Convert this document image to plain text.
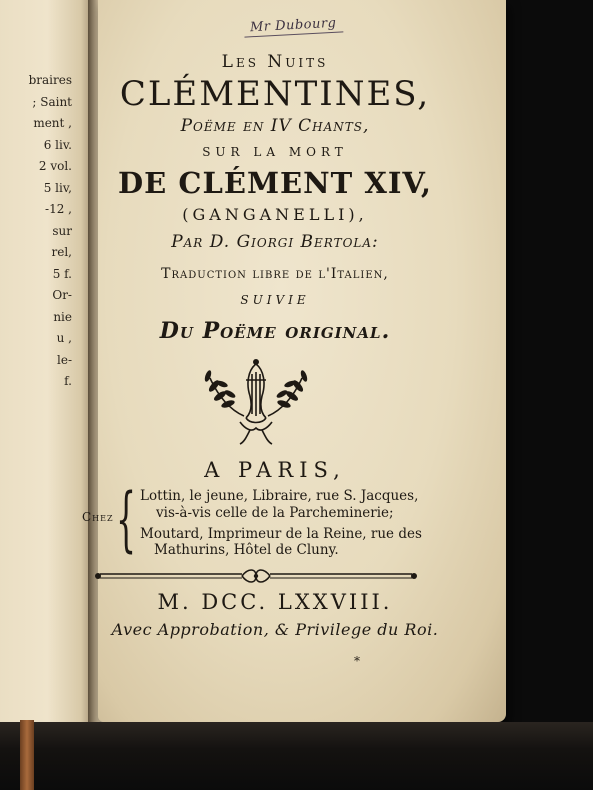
braires
; Saint
ment ,
6 liv.
2 vol.
5 liv,
-12 ,
sur
rel,
5 f.
Or-
nie
u ,
le-
f.
Mr Dubourg
Les Nuits
CLÉMENTINES,
Poëme en IV Chants,
SUR LA MORT
DE CLÉMENT XIV,
(GANGANELLI),
Par D. Giorgi Bertola:
Traduction libre de l'Italien,
SUIVIE
Du Poëme original.
A PARIS,
Chez { Lottin, le jeune, Libraire, rue S. Jacques,
vis-à-vis celle de la Parcheminerie;
Moutard, Imprimeur de la Reine, rue des
Mathurins, Hôtel de Cluny.
M. DCC. LXXVIII.
Avec Approbation, & Privilege du Roi.
*
